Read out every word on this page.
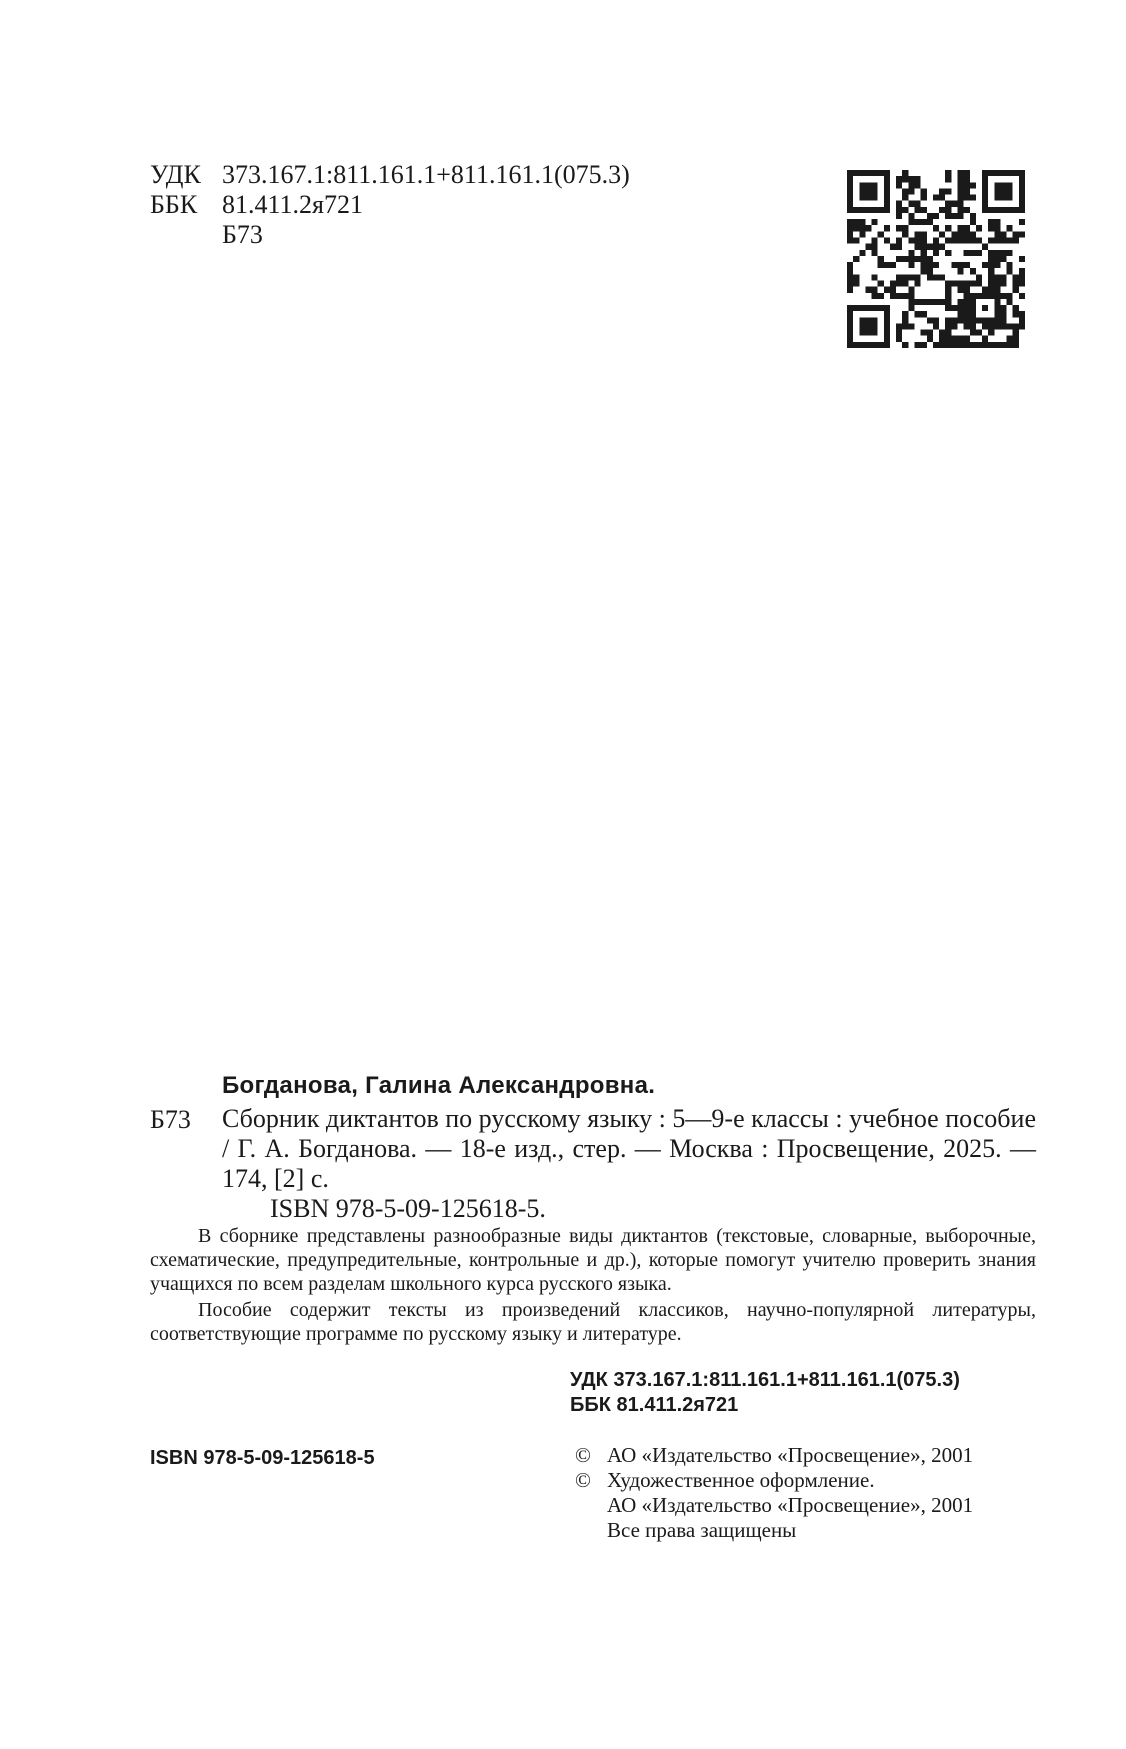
УДК 373.167.1:811.161.1+811.161.1(075.3)
ББК 81.411.2я721
Б73
Богданова, Галина Александровна.
Б73	Сборник диктантов по русскому языку : 5—9-е классы : учебное пособие / Г. А. Богданова. — 18-е изд., стер. — Москва : Просвещение, 2025. — 174, [2] с.

ISBN 978-5-09-125618-5.

В сборнике представлены разнообразные виды диктантов (текстовые, словарные, выборочные, схематические, предупредительные, контрольные и др.), которые помогут учителю проверить знания учащихся по всем разделам школьного курса русского языка.

Пособие содержит тексты из произведений классиков, научно-популярной литературы, соответствующие программе по русскому языку и литературе.

УДК 373.167.1:811.161.1+811.161.1(075.3)
ББК 81.411.2я721
ISBN 978-5-09-125618-5	© АО «Издательство «Просвещение», 2001
© Художественное оформление.
АО «Издательство «Просвещение», 2001
Все права защищены
